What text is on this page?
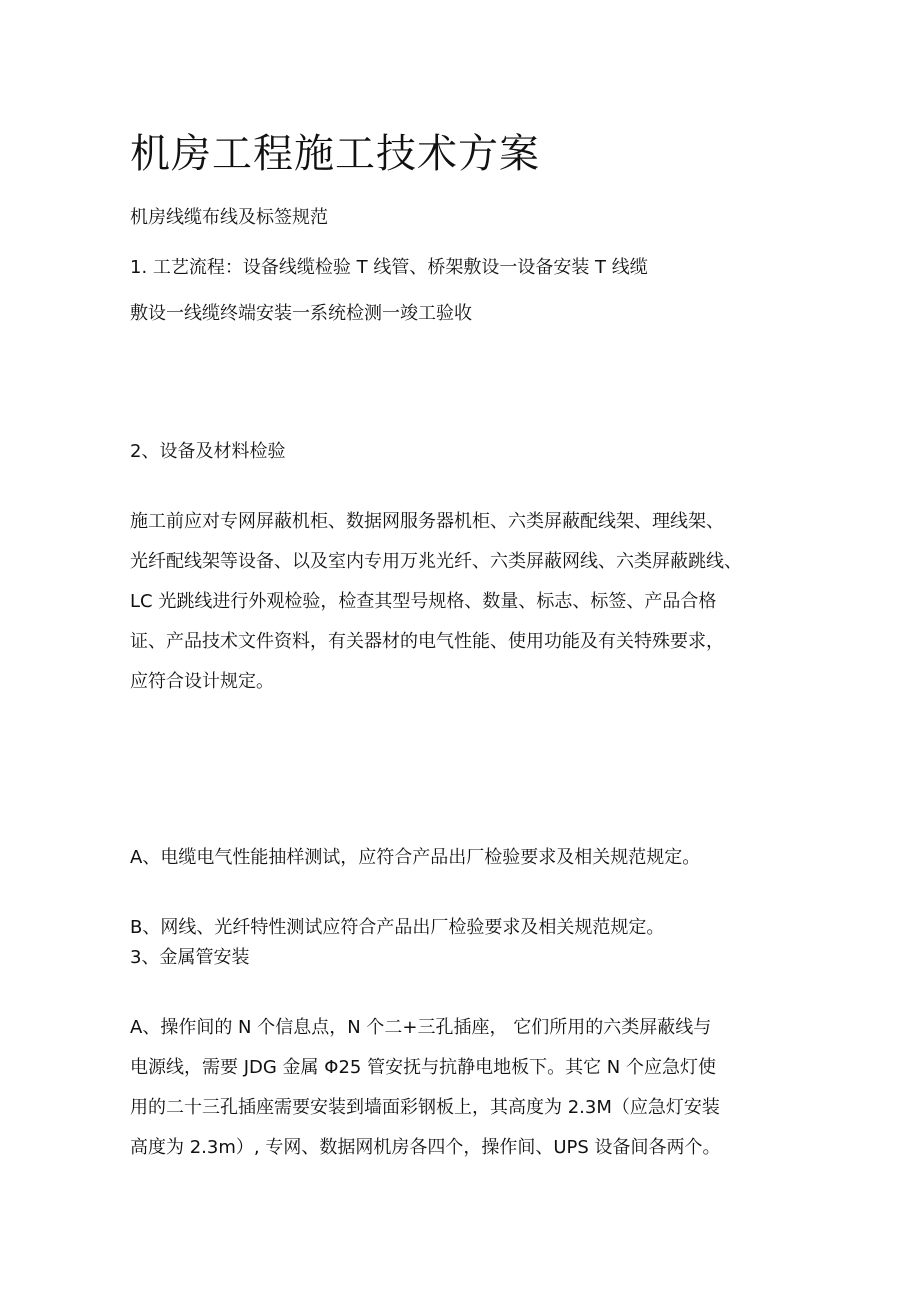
机房工程施工技术方案

机房线缆布线及标签规范

1. 工艺流程：设备线缆检验 T 线管、桥架敷设一设备安装 T 线缆

敷设一线缆终端安装一系统检测一竣工验收

2、设备及材料检验

施工前应对专网屏蔽机柜、数据网服务器机柜、六类屏蔽配线架、理线架、
光纤配线架等设备、以及室内专用万兆光纤、六类屏蔽网线、六类屏蔽跳线、
LC 光跳线进行外观检验，检查其型号规格、数量、标志、标签、产品合格
证、产品技术文件资料，有关器材的电气性能、使用功能及有关特殊要求，
应符合设计规定。

A、电缆电气性能抽样测试，应符合产品出厂检验要求及相关规范规定。

B、网线、光纤特性测试应符合产品出厂检验要求及相关规范规定。

3、金属管安装

A、操作间的 N 个信息点，N 个二+三孔插座， 它们所用的六类屏蔽线与
电源线，需要 JDG 金属 Φ25 管安抚与抗静电地板下。其它 N 个应急灯使
用的二十三孔插座需要安装到墙面彩钢板上，其高度为 2.3M（应急灯安装
高度为 2.3m）, 专网、数据网机房各四个，操作间、UPS 设备间各两个。
